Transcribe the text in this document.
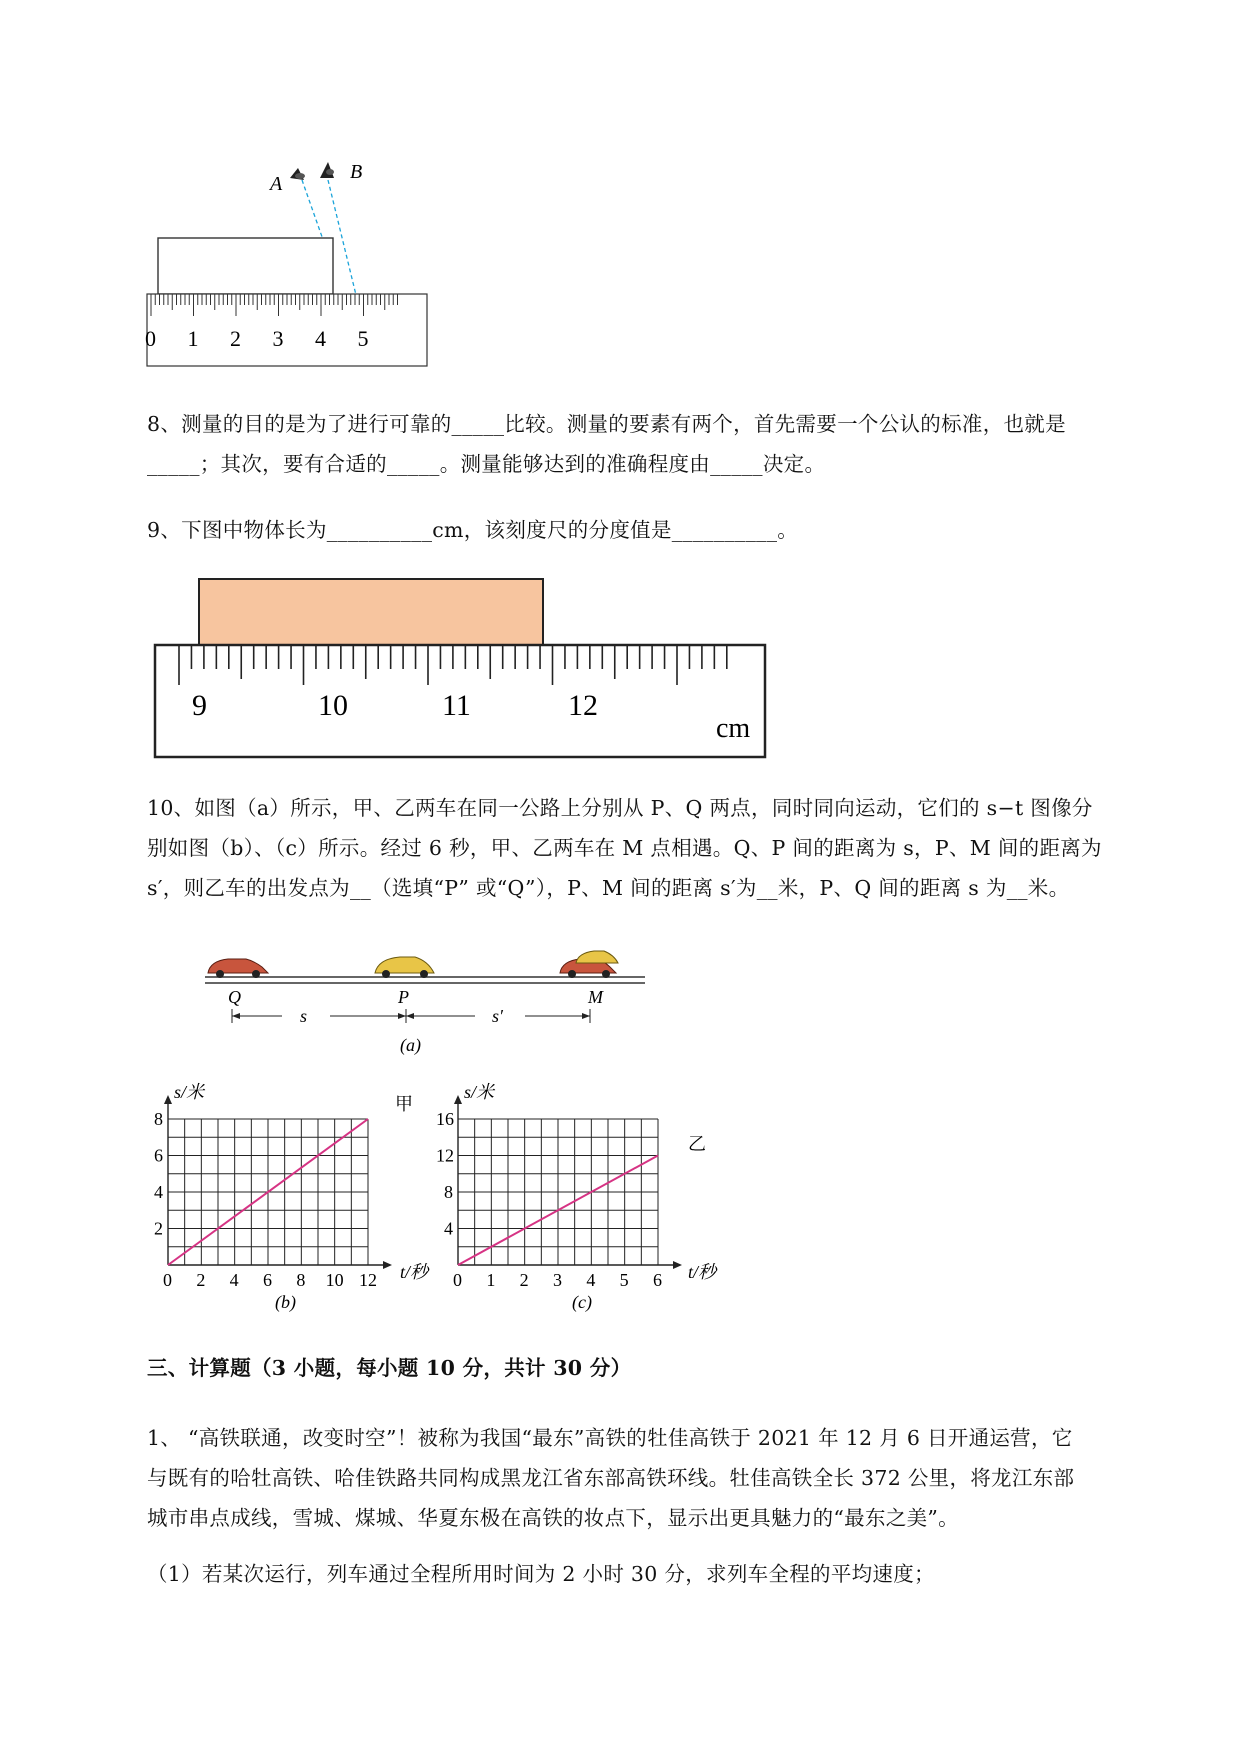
A
B
0 1 2 3 4 5
8、测量的目的是为了进行可靠的_____比较。测量的要素有两个，首先需要一个公认的标准，也就是
_____；其次，要有合适的_____。测量能够达到的准确程度由_____决定。
9、下图中物体长为__________cm，该刻度尺的分度值是__________。
9	10	11	12
cm
10、如图（a）所示，甲、乙两车在同一公路上分别从 P、Q 两点，同时同向运动，它们的 s−t 图像分
别如图（b）、（c）所示。经过 6 秒，甲、乙两车在 M 点相遇。Q、P 间的距离为 s，P、M 间的距离为
s′，则乙车的出发点为__（选填“P” 或“Q”），P、M 间的距离 s′为__米，P、Q 间的距离 s 为__米。
Q	P	M
s	s′
(a)
s/米
t/秒
甲
(b)
0 2 4 6 8 10 12
2
4
6
8
s/米
t/秒
乙
(c)
0 1 2 3 4 5 6
4
8
12
16
三、计算题（3 小题，每小题 10 分，共计 30 分）
1、 “高铁联通，改变时空”！被称为我国“最东”高铁的牡佳高铁于 2021 年 12 月 6 日开通运营，它
与既有的哈牡高铁、哈佳铁路共同构成黑龙江省东部高铁环线。牡佳高铁全长 372 公里，将龙江东部
城市串点成线，雪城、煤城、华夏东极在高铁的妆点下，显示出更具魅力的“最东之美”。
（1）若某次运行，列车通过全程所用时间为 2 小时 30 分，求列车全程的平均速度；
